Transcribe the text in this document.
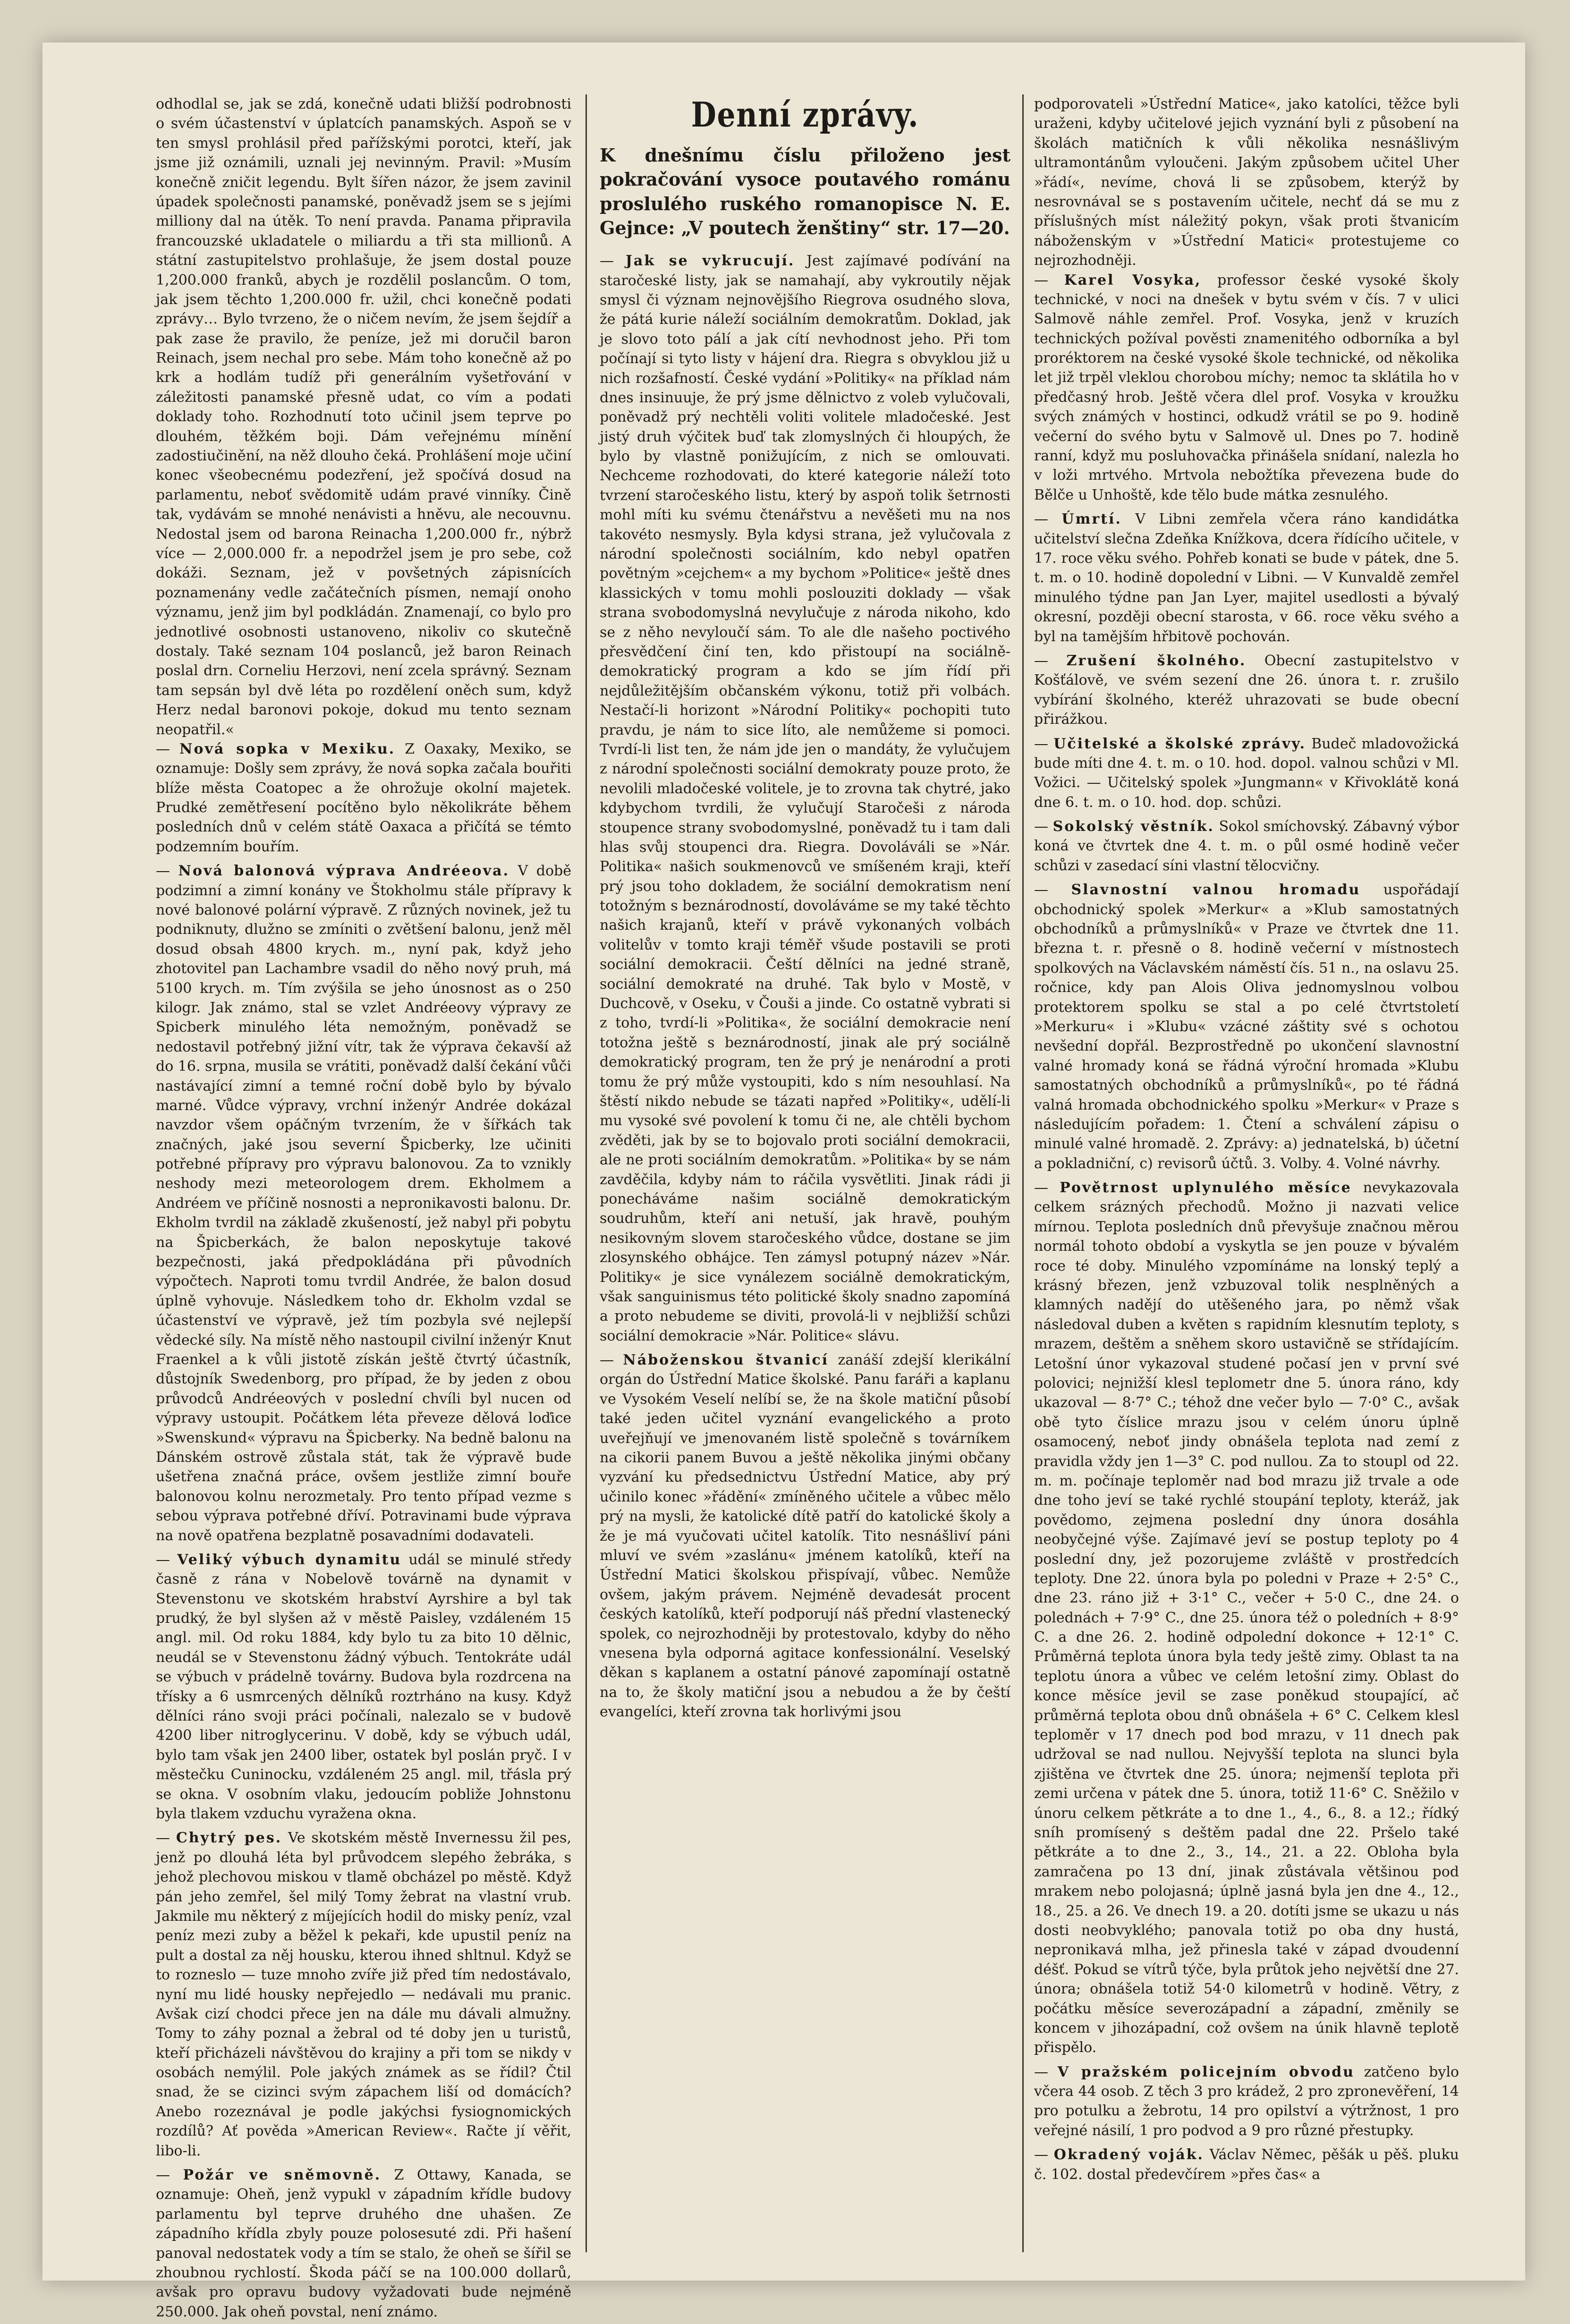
odhodlal se, jak se zdá, konečně udati bližší podrobnosti o svém účastenství v úplatcích panamských. Aspoň se v ten smysl prohlásil před pařížskými porotci, kteří, jak jsme již oznámili, uznali jej nevinným. Pravil: »Musím konečně zničit legendu. Bylt šířen názor, že jsem zavinil úpadek společnosti panamské, poněvadž jsem se s jejími milliony dal na útěk. To není pravda. Panama připravila francouzské ukladatele o miliardu a tři sta millionů. A státní zastupitelstvo prohlašuje, že jsem dostal pouze 1,200.000 franků, abych je rozdělil poslancům. O tom, jak jsem těchto 1,200.000 fr. užil, chci konečně podati zprávy… Bylo tvrzeno, že o ničem nevím, že jsem šejdíř a pak zase že pravilo, že peníze, jež mi doručil baron Reinach, jsem nechal pro sebe. Mám toho konečně až po krk a hodlám tudíž při generálním vyšetřování v záležitosti panamské přesně udat, co vím a podati doklady toho. Rozhodnutí toto učinil jsem teprve po dlouhém, těžkém boji. Dám veřejnému mínění zadostiučinění, na něž dlouho čeká. Prohlášení moje učiní konec všeobecnému podezření, jež spočívá dosud na parlamentu, neboť svědomitě udám pravé vinníky. Čině tak, vydávám se mnohé nenávisti a hněvu, ale necouvnu. Nedostal jsem od barona Reinacha 1,200.000 fr., nýbrž více — 2,000.000 fr. a nepodržel jsem je pro sebe, což dokáži. Seznam, jež v povšetných zápisnících poznamenány vedle začátečních písmen, nemají onoho významu, jenž jim byl podkládán. Znamenají, co bylo pro jednotlivé osobnosti ustanoveno, nikoliv co skutečně dostaly. Také seznam 104 poslanců, jež baron Reinach poslal drn. Corneliu Herzovi, není zcela správný. Seznam tam sepsán byl dvě léta po rozdělení oněch sum, když Herz nedal baronovi pokoje, dokud mu tento seznam neopatřil.«

— Nová sopka v Mexiku. Z Oaxaky, Mexiko, se oznamuje: Došly sem zprávy, že nová sopka začala bouřiti blíže města Coatopec a že ohrožuje okolní majetek. Prudké zemětřesení pocítěno bylo několikráte během posledních dnů v celém státě Oaxaca a přičítá se témto podzemním bouřím.

— Nová balonová výprava Andréeova. V době podzimní a zimní konány ve Štokholmu stále přípravy k nové balonové polární výpravě. Z různých novinek, jež tu podniknuty, dlužno se zmíniti o zvětšení balonu, jenž měl dosud obsah 4800 krych. m., nyní pak, když jeho zhotovitel pan Lachambre vsadil do něho nový pruh, má 5100 krych. m. Tím zvýšila se jeho únosnost as o 250 kilogr. Jak známo, stal se vzlet Andréeovy výpravy ze Spicberk minulého léta nemožným, poněvadž se nedostavil potřebný jižní vítr, tak že výprava čekavší až do 16. srpna, musila se vrátiti, poněvadž další čekání vůči nastávající zimní a temné roční době bylo by bývalo marné. Vůdce výpravy, vrchní inženýr Andrée dokázal navzdor všem opáčným tvrzením, že v šířkách tak značných, jaké jsou severní Špicberky, lze učiniti potřebné přípravy pro výpravu balonovou. Za to vznikly neshody mezi meteorologem drem. Ekholmem a Andréem ve příčině nosnosti a nepronikavosti balonu. Dr. Ekholm tvrdil na základě zkušeností, jež nabyl při pobytu na Špicberkách, že balon neposkytuje takové bezpečnosti, jaká předpokládána při původních výpočtech. Naproti tomu tvrdil Andrée, že balon dosud úplně vyhovuje. Následkem toho dr. Ekholm vzdal se účastenství ve výpravě, jež tím pozbyla své nejlepší vědecké síly. Na místě něho nastoupil civilní inženýr Knut Fraenkel a k vůli jistotě získán ještě čtvrtý účastník, důstojník Swedenborg, pro případ, že by jeden z obou průvodců Andréeových v poslední chvíli byl nucen od výpravy ustoupit. Počátkem léta převeze dělová loďice »Swenskund« výpravu na Špicberky. Na bedně balonu na Dánském ostrově zůstala stát, tak že výpravě bude ušetřena značná práce, ovšem jestliže zimní bouře balonovou kolnu nerozmetaly. Pro tento případ vezme s sebou výprava potřebné dříví. Potravinami bude výprava na nově opatřena bezplatně posavadními dodavateli.

— Veliký výbuch dynamitu udál se minulé středy časně z rána v Nobelově továrně na dynamit v Stevenstonu ve skotském hrabství Ayrshire a byl tak prudký, že byl slyšen až v městě Paisley, vzdáleném 15 angl. mil. Od roku 1884, kdy bylo tu za bito 10 dělnic, neudál se v Stevenstonu žádný výbuch. Tentokráte udál se výbuch v prádelně továrny. Budova byla rozdrcena na třísky a 6 usmrcených dělníků roztrháno na kusy. Když dělníci ráno svoji práci počínali, nalezalo se v budově 4200 liber nitroglycerinu. V době, kdy se výbuch udál, bylo tam však jen 2400 liber, ostatek byl poslán pryč. I v městečku Cuninocku, vzdáleném 25 angl. mil, třásla prý se okna. V osobním vlaku, jedoucím pobliže Johnstonu byla tlakem vzduchu vyražena okna.

— Chytrý pes. Ve skotském městě Invernessu žil pes, jenž po dlouhá léta byl průvodcem slepého žebráka, s jehož plechovou miskou v tlamě obcházel po městě. Když pán jeho zemřel, šel milý Tomy žebrat na vlastní vrub. Jakmile mu některý z míjejících hodil do misky peníz, vzal peníz mezi zuby a běžel k pekaři, kde upustil peníz na pult a dostal za něj housku, kterou ihned shltnul. Když se to rozneslo — tuze mnoho zvíře již před tím nedostávalo, nyní mu lidé housky nepřejedlo — nedávali mu pranic. Avšak cizí chodci přece jen na dále mu dávali almužny. Tomy to záhy poznal a žebral od té doby jen u turistů, kteří přicházeli návštěvou do krajiny a při tom se nikdy v osobách nemýlil. Pole jakých známek as se řídil? Čtil snad, že se cizinci svým zápachem liší od domácích? Anebo rozeznával je podle jakýchsi fysiognomických rozdílů? Ať pověda »American Review«. Račte jí věřit, libo-li.

— Požár ve sněmovně. Z Ottawy, Kanada, se oznamuje: Oheň, jenž vypukl v západním křídle budovy parlamentu byl teprve druhého dne uhašen. Ze západního křídla zbyly pouze polosesuté zdi. Při hašení panoval nedostatek vody a tím se stalo, že oheň se šířil se zhoubnou rychlostí. Škoda páčí se na 100.000 dollarů, avšak pro opravu budovy vyžadovati bude nejméně 250.000. Jak oheň povstal, není známo.

Denní zprávy.

K dnešnímu číslu přiloženo jest pokračování vysoce poutavého románu proslulého ruského romanopisce N. E. Gejnce: „V poutech ženštiny“ str. 17—20.

— Jak se vykrucují. Jest zajímavé podívání na staročeské listy, jak se namahají, aby vykroutily nějak smysl či význam nejnovějšího Riegrova osudného slova, že pátá kurie náleží sociálním demokratům. Doklad, jak je slovo toto pálí a jak cítí nevhodnost jeho. Při tom počínají si tyto listy v hájení dra. Riegra s obvyklou již u nich rozšafností. České vydání »Politiky« na příklad nám dnes insinuuje, že prý jsme dělnictvo z voleb vylučovali, poněvadž prý nechtěli voliti volitele mladočeské. Jest jistý druh výčitek buď tak zlomyslných či hloupých, že bylo by vlastně ponižujícím, z nich se omlouvati. Nechceme rozhodovati, do které kategorie náleží toto tvrzení staročeského listu, který by aspoň tolik šetrnosti mohl míti ku svému čtenářstvu a nevěšeti mu na nos takovéto nesmysly. Byla kdysi strana, jež vylučovala z národní společnosti sociálním, kdo nebyl opatřen povětným »cejchem« a my bychom »Politice« ještě dnes klassických v tomu mohli poslouziti doklady — však strana svobodomyslná nevylučuje z národa nikoho, kdo se z něho nevyloučí sám. To ale dle našeho poctivého přesvědčení činí ten, kdo přistoupí na sociálně-demokratický program a kdo se jím řídí při nejdůležitějším občanském výkonu, totiž při volbách. Nestačí-li horizont »Národní Politiky« pochopiti tuto pravdu, je nám to sice líto, ale nemůžeme si pomoci. Tvrdí-li list ten, že nám jde jen o mandáty, že vylučujem z národní společnosti sociální demokraty pouze proto, že nevolili mladočeské volitele, je to zrovna tak chytré, jako kdybychom tvrdili, že vylučují Staročeši z národa stoupence strany svobodomyslné, poněvadž tu i tam dali hlas svůj stoupenci dra. Riegra. Dovoláváli se »Nár. Politika« našich soukmenovců ve smíšeném kraji, kteří prý jsou toho dokladem, že sociální demokratism není totožným s beznárodností, dovoláváme se my také těchto našich krajanů, kteří v právě vykonaných volbách volitelův v tomto kraji téměř všude postavili se proti sociální demokracii. Čeští dělníci na jedné straně, sociální demokraté na druhé. Tak bylo v Mostě, v Duchcově, v Oseku, v Čouši a jinde. Co ostatně vybrati si z toho, tvrdí-li »Politika«, že sociální demokracie není totožna ještě s beznárodností, jinak ale prý sociálně demokratický program, ten že prý je nenárodní a proti tomu že prý může vystoupiti, kdo s ním nesouhlasí. Na štěstí nikdo nebude se tázati napřed »Politiky«, udělí-li mu vysoké své povolení k tomu či ne, ale chtěli bychom zvěděti, jak by se to bojovalo proti sociální demokracii, ale ne proti sociálním demokratům. »Politika« by se nám zavděčila, kdyby nám to ráčila vysvětliti. Jinak rádi ji ponecháváme našim sociálně demokratickým soudruhům, kteří ani netuší, jak hravě, pouhým nesikovným slovem staročeského vůdce, dostane se jim zlosynského obhájce. Ten zámysl potupný název »Nár. Politiky« je sice vynálezem sociálně demokratickým, však sanguinismus této politické školy snadno zapomíná a proto nebudeme se diviti, provolá-li v nejbližší schůzi sociální demokracie »Nár. Politice« slávu.

— Náboženskou štvanicí zanáší zdejší klerikální orgán do Ústřední Matice školské. Panu faráři a kaplanu ve Vysokém Veselí nelíbí se, že na škole matiční působí také jeden učitel vyznání evangelického a proto uveřejňují ve jmenovaném listě společně s továrníkem na cikorii panem Buvou a ještě několika jinými občany vyzvání ku předsednictvu Ústřední Matice, aby prý učinilo konec »řádění« zmíněného učitele a vůbec mělo prý na mysli, že katolické dítě patří do katolické školy a že je má vyučovati učitel katolík. Tito nesnášliví páni mluví ve svém »zaslánu« jménem katolíků, kteří na Ústřední Matici školskou přispívají, vůbec. Nemůže ovšem, jakým právem. Nejméně devadesát procent českých katolíků, kteří podporují náš přední vlastenecký spolek, co nejrozhodněji by protestovalo, kdyby do něho vnesena byla odporná agitace konfessionální. Veselský děkan s kaplanem a ostatní pánové zapomínají ostatně na to, že školy matiční jsou a nebudou a že by čeští evangelíci, kteří zrovna tak horlivými jsou

podporovateli »Ústřední Matice«, jako katolíci, těžce byli uraženi, kdyby učitelové jejich vyznání byli z působení na školách matičních k vůli několika nesnášlivým ultramontánům vyloučeni. Jakým způsobem učitel Uher »řádí«, nevíme, chová li se způsobem, kterýž by nesrovnával se s postavením učitele, nechť dá se mu z příslušných míst náležitý pokyn, však proti štvanicím náboženským v »Ústřední Matici« protestujeme co nejrozhodněji.

— Karel Vosyka, professor české vysoké školy technické, v noci na dnešek v bytu svém v čís. 7 v ulici Salmově náhle zemřel. Prof. Vosyka, jenž v kruzích technických požíval pověsti znamenitého odborníka a byl proréktorem na české vysoké škole technické, od několika let již trpěl vleklou chorobou míchy; nemoc ta sklátila ho v předčasný hrob. Ještě včera dlel prof. Vosyka v kroužku svých známých v hostinci, odkudž vrátil se po 9. hodině večerní do svého bytu v Salmově ul. Dnes po 7. hodině ranní, když mu posluhovačka přinášela snídaní, nalezla ho v loži mrtvého. Mrtvola nebožtíka převezena bude do Bělče u Unhoště, kde tělo bude mátka zesnulého.

— Úmrtí. V Libni zemřela včera ráno kandidátka učitelství slečna Zdeňka Knížkova, dcera řídícího učitele, v 17. roce věku svého. Pohřeb konati se bude v pátek, dne 5. t. m. o 10. hodině dopolední v Libni. — V Kunvaldě zemřel minulého týdne pan Jan Lyer, majitel usedlosti a bývalý okresní, později obecní starosta, v 66. roce věku svého a byl na tamějším hřbitově pochován.

— Zrušení školného. Obecní zastupitelstvo v Košťálově, ve svém sezení dne 26. února t. r. zrušilo vybírání školného, kteréž uhrazovati se bude obecní přirážkou.

— Učitelské a školské zprávy. Budeč mladovožická bude míti dne 4. t. m. o 10. hod. dopol. valnou schůzi v Ml. Vožici. — Učitelský spolek »Jungmann« v Křivoklátě koná dne 6. t. m. o 10. hod. dop. schůzi.

— Sokolský věstník. Sokol smíchovský. Zábavný výbor koná ve čtvrtek dne 4. t. m. o půl osmé hodině večer schůzi v zasedací síni vlastní tělocvičny.

— Slavnostní valnou hromadu uspořádají obchodnický spolek »Merkur« a »Klub samostatných obchodníků a průmyslníků« v Praze ve čtvrtek dne 11. března t. r. přesně o 8. hodině večerní v místnostech spolkových na Václavském náměstí čís. 51 n., na oslavu 25. ročnice, kdy pan Alois Oliva jednomyslnou volbou protektorem spolku se stal a po celé čtvrtstoletí »Merkuru« i »Klubu« vzácné záštity své s ochotou nevšední dopřál. Bezprostředně po ukončení slavnostní valné hromady koná se řádná výroční hromada »Klubu samostatných obchodníků a průmyslníků«, po té řádná valná hromada obchodnického spolku »Merkur« v Praze s následujícím pořadem: 1. Čtení a schválení zápisu o minulé valné hromadě. 2. Zprávy: a) jednatelská, b) účetní a pokladniční, c) revisorů účtů. 3. Volby. 4. Volné návrhy.

— Povětrnost uplynulého měsíce nevykazovala celkem srázných přechodů. Možno ji nazvati velice mírnou. Teplota posledních dnů převyšuje značnou měrou normál tohoto období a vyskytla se jen pouze v bývalém roce té doby. Minulého vzpomínáme na lonský teplý a krásný březen, jenž vzbuzoval tolik nesplněných a klamných nadějí do utěšeného jara, po němž však následoval duben a květen s rapidním klesnutím teploty, s mrazem, deštěm a sněhem skoro ustavičně se střídajícím. Letošní únor vykazoval studené počasí jen v první své polovici; nejnižší klesl teplometr dne 5. února ráno, kdy ukazoval — 8·7° C.; téhož dne večer bylo — 7·0° C., avšak obě tyto číslice mrazu jsou v celém únoru úplně osamocený, neboť jindy obnášela teplota nad zemí z pravidla vždy jen 1—3° C. pod nullou. Za to stoupl od 22. m. m. počínaje teploměr nad bod mrazu již trvale a ode dne toho jeví se také rychlé stoupání teploty, kteráž, jak povědomo, zejmena poslední dny února dosáhla neobyčejné výše. Zajímavé jeví se postup teploty po 4 poslední dny, jež pozorujeme zvláště v prostředcích teploty. Dne 22. února byla po poledni v Praze + 2·5° C., dne 23. ráno již + 3·1° C., večer + 5·0 C., dne 24. o polednách + 7·9° C., dne 25. února též o poledních + 8·9° C. a dne 26. 2. hodině odpolední dokonce + 12·1° C. Průměrná teplota února byla tedy ještě zimy. Oblast ta na teplotu února a vůbec ve celém letošní zimy. Oblast do konce měsíce jevil se zase poněkud stoupající, ač průměrná teplota obou dnů obnášela + 6° C. Celkem klesl teploměr v 17 dnech pod bod mrazu, v 11 dnech pak udržoval se nad nullou. Nejvyšší teplota na slunci byla zjištěna ve čtvrtek dne 25. února; nejmenší teplota při zemi určena v pátek dne 5. února, totiž 11·6° C. Sněžilo v únoru celkem pětkráte a to dne 1., 4., 6., 8. a 12.; řídký sníh promísený s deštěm padal dne 22. Pršelo také pětkráte a to dne 2., 3., 14., 21. a 22. Obloha byla zamračena po 13 dní, jinak zůstávala většinou pod mrakem nebo polojasná; úplně jasná byla jen dne 4., 12., 18., 25. a 26. Ve dnech 19. a 20. dotíti jsme se ukazu u nás dosti neobvyklého; panovala totiž po oba dny hustá, nepronikavá mlha, jež přinesla také v západ dvoudenní déšť. Pokud se vítrů týče, byla průtok jeho největší dne 27. února; obnášela totiž 54·0 kilometrů v hodině. Větry, z počátku měsíce severozápadní a západní, změnily se koncem v jihozápadní, což ovšem na únik hlavně teplotě přispělo.

— V pražském policejním obvodu zatčeno bylo včera 44 osob. Z těch 3 pro krádež, 2 pro zpronevěření, 14 pro potulku a žebrotu, 14 pro opilství a výtržnost, 1 pro veřejné násilí, 1 pro podvod a 9 pro různé přestupky.

— Okradený voják. Václav Němec, pěšák u pěš. pluku č. 102. dostal předevčírem »přes čas« a
